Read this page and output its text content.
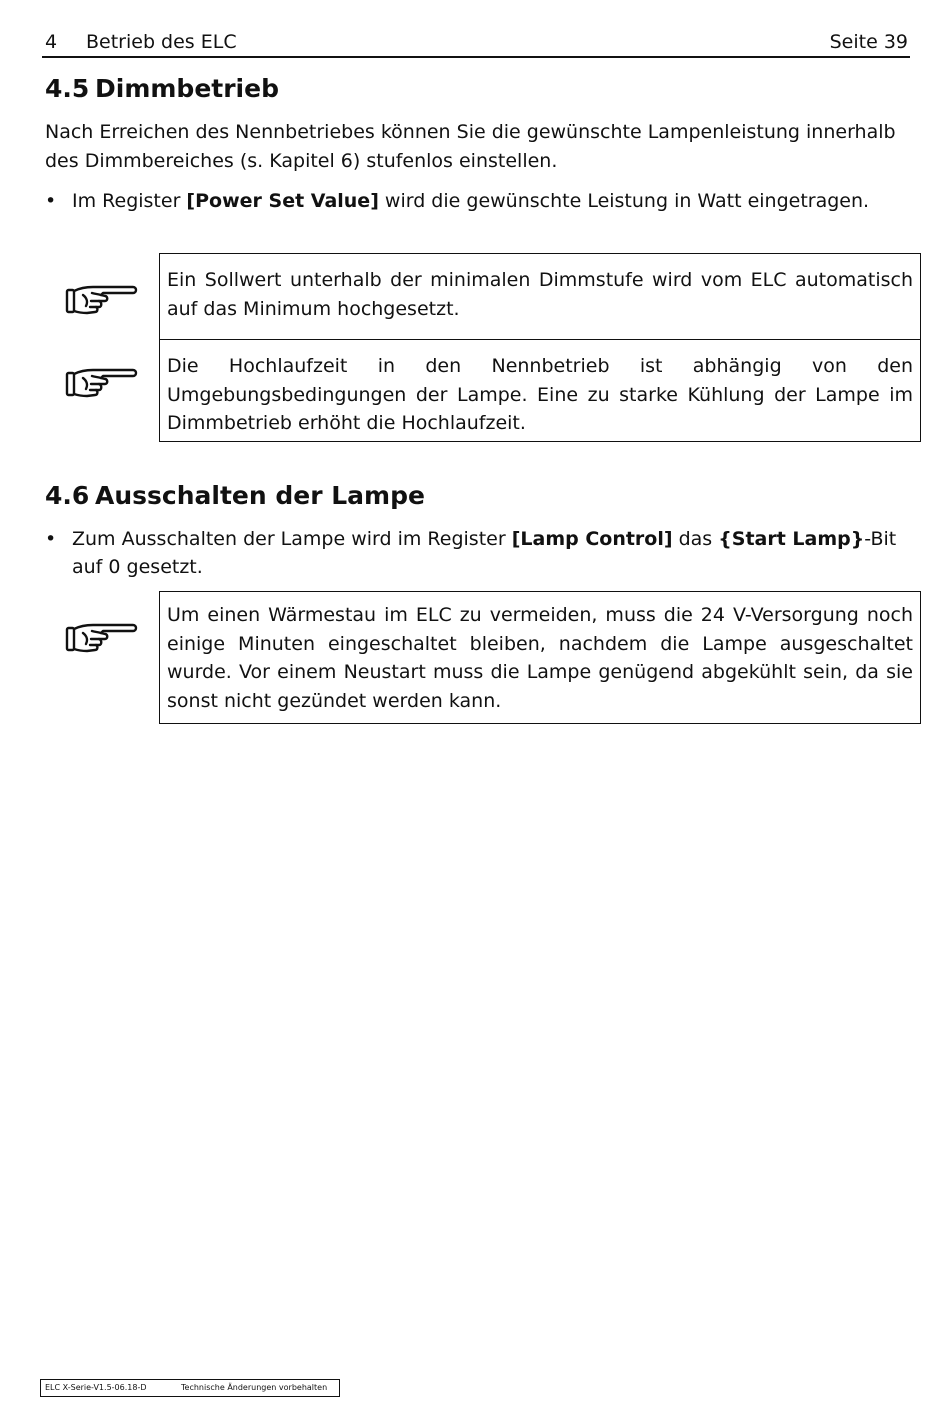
4 Betrieb des ELC	Seite 39
4.5 Dimmbetrieb

Nach Erreichen des Nennbetriebes können Sie die gewünschte Lampenleistung innerhalb des Dimmbereiches (s. Kapitel 6) stufenlos einstellen.

• Im Register [Power Set Value] wird die gewünschte Leistung in Watt eingetragen.
Ein Sollwert unterhalb der minimalen Dimmstufe wird vom ELC automatisch auf das Minimum hochgesetzt.
Die Hochlaufzeit in den Nennbetrieb ist abhängig von den Umgebungsbedingungen der Lampe. Eine zu starke Kühlung der Lampe im Dimmbetrieb erhöht die Hochlaufzeit.
4.6 Ausschalten der Lampe
• Zum Ausschalten der Lampe wird im Register [Lamp Control] das {Start Lamp}-Bit auf 0 gesetzt.
Um einen Wärmestau im ELC zu vermeiden, muss die 24 V-Versorgung noch einige Minuten eingeschaltet bleiben, nachdem die Lampe ausgeschaltet wurde. Vor einem Neustart muss die Lampe genügend abgekühlt sein, da sie sonst nicht gezündet werden kann.
ELC X-Serie-V1.5-06.18-D	Technische Änderungen vorbehalten
